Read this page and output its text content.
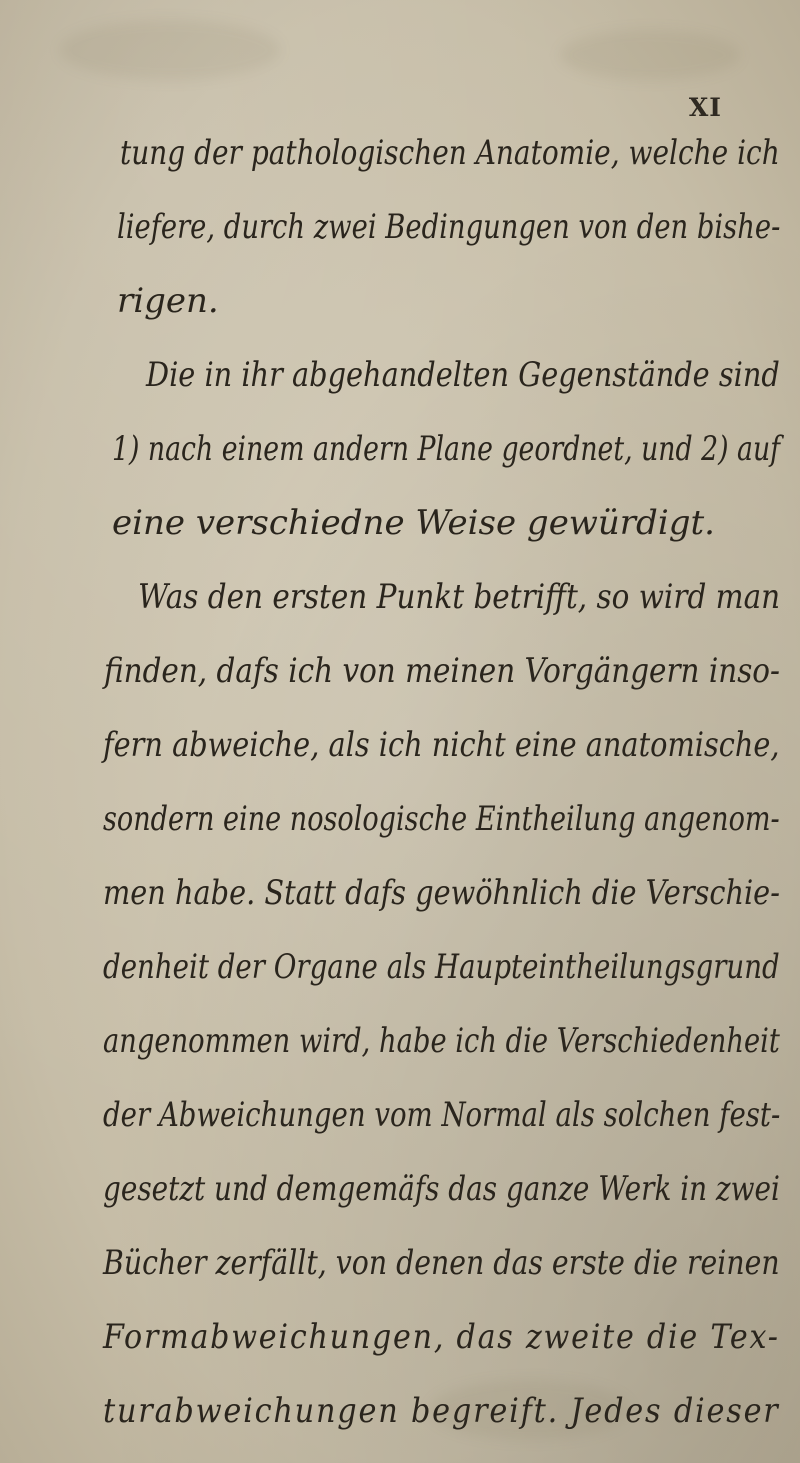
XI
tung der pathologischen Anatomie, welche ich
liefere, durch zwei Bedingungen von den bishe-
rigen.
Die in ihr abgehandelten Gegenstände sind
1) nach einem andern Plane geordnet, und 2) auf
eine verschiedne Weise gewürdigt.
Was den ersten Punkt betrifft, so wird man
finden, dafs ich von meinen Vorgängern inso-
fern abweiche, als ich nicht eine anatomische,
sondern eine nosologische Eintheilung angenom-
men habe. Statt dafs gewöhnlich die Verschie-
denheit der Organe als Haupteintheilungsgrund
angenommen wird, habe ich die Verschiedenheit
der Abweichungen vom Normal als solchen fest-
gesetzt und demgemäfs das ganze Werk in zwei
Bücher zerfällt, von denen das erste die reinen
Formabweichungen, das zweite die Tex-
turabweichungen begreift. Jedes dieser
